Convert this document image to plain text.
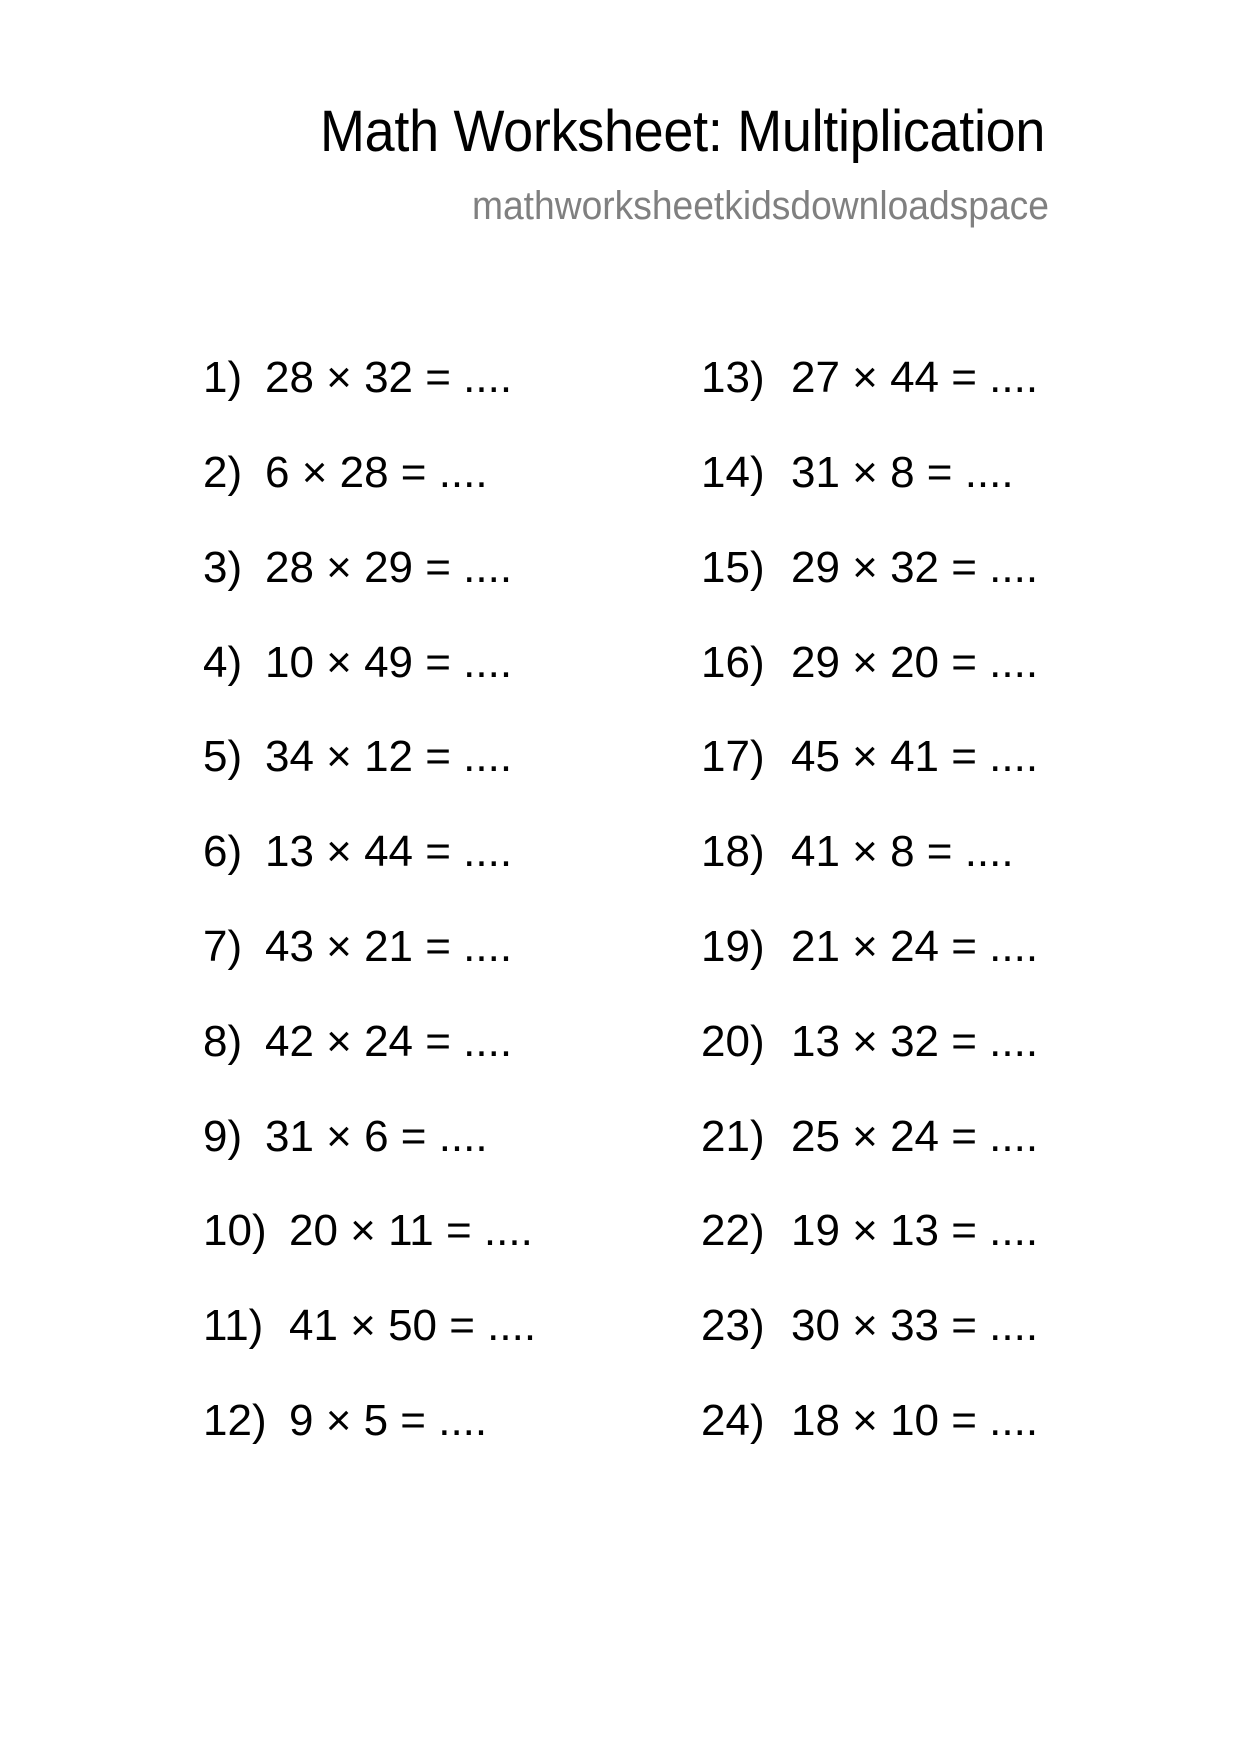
Math Worksheet: Multiplication
mathworksheetkidsdownloadspace
1) 28 × 32 = ....
2) 6 × 28 = ....
3) 28 × 29 = ....
4) 10 × 49 = ....
5) 34 × 12 = ....
6) 13 × 44 = ....
7) 43 × 21 = ....
8) 42 × 24 = ....
9) 31 × 6 = ....
10) 20 × 11 = ....
11) 41 × 50 = ....
12) 9 × 5 = ....
13) 27 × 44 = ....
14) 31 × 8 = ....
15) 29 × 32 = ....
16) 29 × 20 = ....
17) 45 × 41 = ....
18) 41 × 8 = ....
19) 21 × 24 = ....
20) 13 × 32 = ....
21) 25 × 24 = ....
22) 19 × 13 = ....
23) 30 × 33 = ....
24) 18 × 10 = ....
